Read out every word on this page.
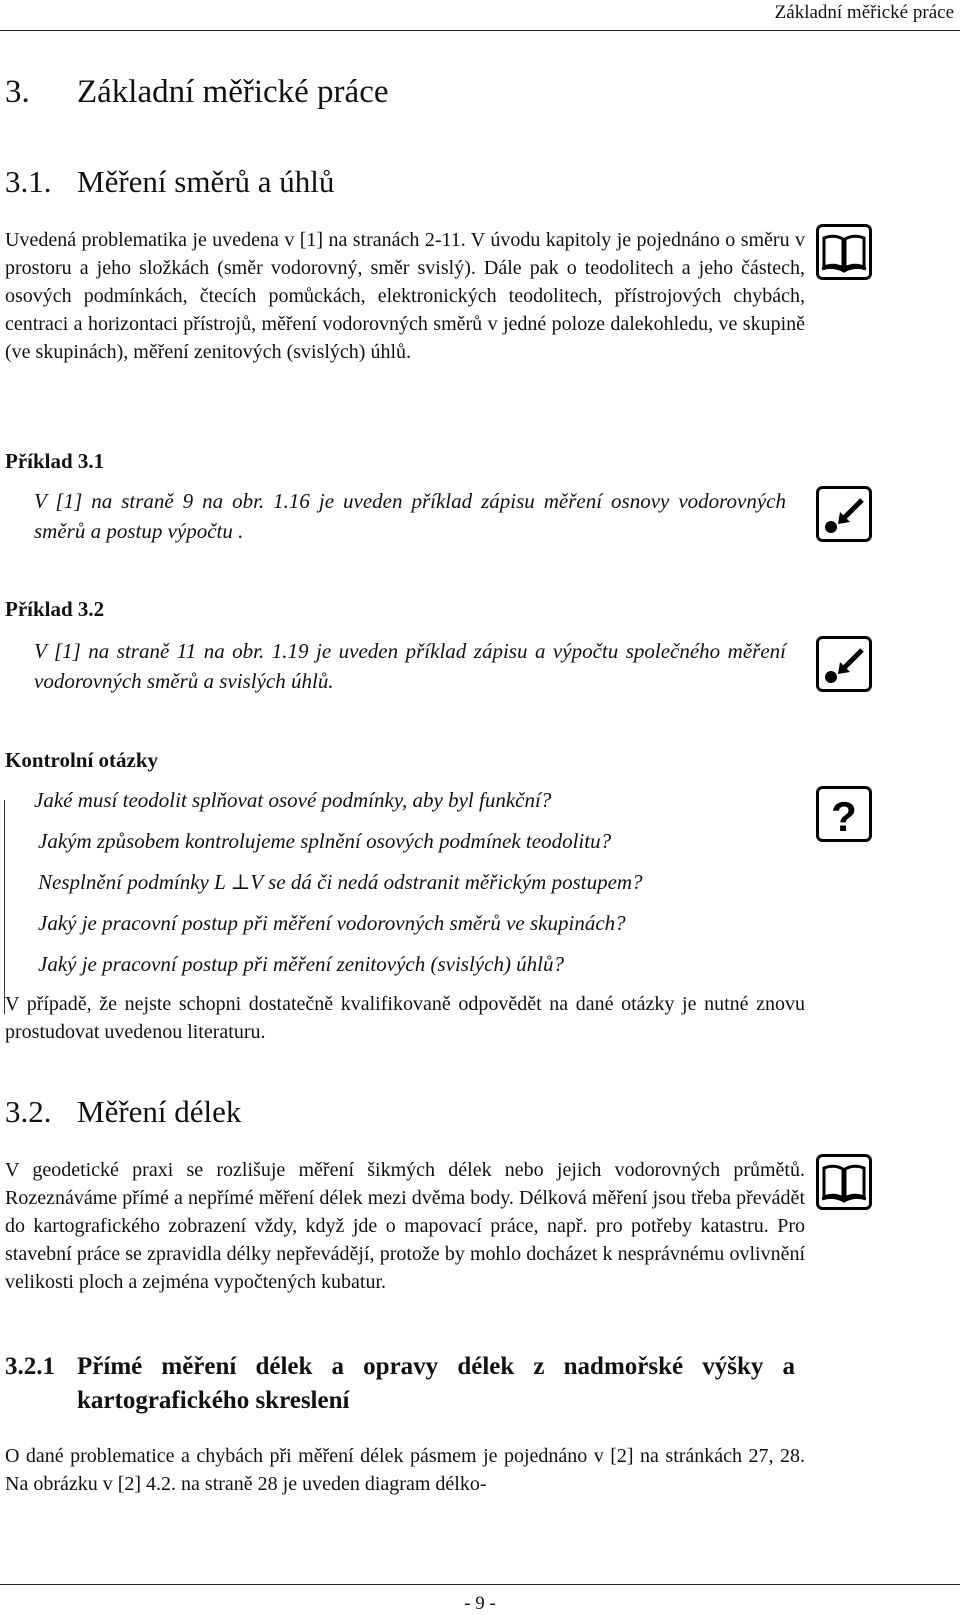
Základní měřické práce
3. Základní měřické práce
3.1. Měření směrů a úhlů
Uvedená problematika je uvedena v [1] na stranách 2-11. V úvodu kapitoly je pojednáno o směru v prostoru a jeho složkách (směr vodorovný, směr svislý). Dále pak o teodolitech a jeho částech, osových podmínkách, čtecích pomůckách, elektronických teodolitech, přístrojových chybách, centraci a horizontaci přístrojů, měření vodorovných směrů v jedné poloze dalekohledu, ve skupině (ve skupinách), měření zenitových (svislých) úhlů.
Příklad 3.1
V [1] na straně 9 na obr. 1.16 je uveden příklad zápisu měření osnovy vodorovných směrů a postup výpočtu .
Příklad 3.2
V [1] na straně 11 na obr. 1.19 je uveden příklad zápisu a výpočtu společného měření vodorovných směrů a svislých úhlů.
Kontrolní otázky
Jaké musí teodolit splňovat osové podmínky, aby byl funkční?
Jakým způsobem kontrolujeme splnění osových podmínek teodolitu?
Nesplnění podmínky L ⊥V se dá či nedá odstranit měřickým postupem?
Jaký je pracovní postup při měření vodorovných směrů ve skupinách?
Jaký je pracovní postup při měření zenitových (svislých) úhlů?
?
V případě, že nejste schopni dostatečně kvalifikovaně odpovědět na dané otázky je nutné znovu prostudovat uvedenou literaturu.
3.2. Měření délek
V geodetické praxi se rozlišuje měření šikmých délek nebo jejich vodorovných průmětů. Rozeznáváme přímé a nepřímé měření délek mezi dvěma body. Délková měření jsou třeba převádět do kartografického zobrazení vždy, když jde o mapovací práce, např. pro potřeby katastru. Pro stavební práce se zpravidla délky nepřevádějí, protože by mohlo docházet k nesprávnému ovlivnění velikosti ploch a zejména vypočtených kubatur.
3.2.1 Přímé měření délek a opravy délek z nadmořské výšky a kartografického skreslení
O dané problematice a chybách při měření délek pásmem je pojednáno v [2] na stránkách 27, 28. Na obrázku v [2] 4.2. na straně 28 je uveden diagram délko-
- 9 -
